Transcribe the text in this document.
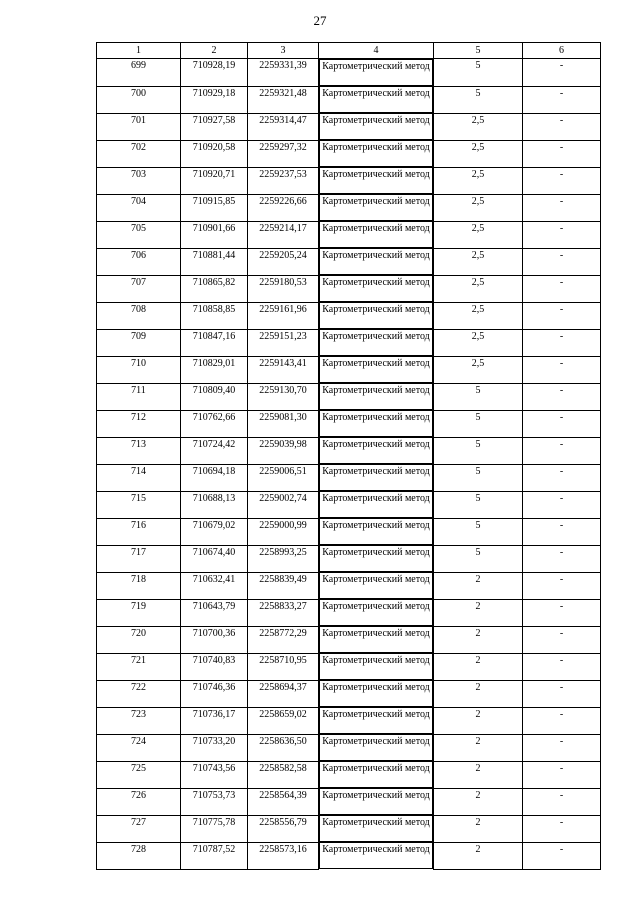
27
1	2	3	4	5	6
699	710928,19	2259331,39		Картометрический метод	5	-
700	710929,18	2259321,48		Картометрический метод	5	-
701	710927,58	2259314,47		Картометрический метод	2,5	-
702	710920,58	2259297,32		Картометрический метод	2,5	-
703	710920,71	2259237,53		Картометрический метод	2,5	-
704	710915,85	2259226,66		Картометрический метод	2,5	-
705	710901,66	2259214,17		Картометрический метод	2,5	-
706	710881,44	2259205,24		Картометрический метод	2,5	-
707	710865,82	2259180,53		Картометрический метод	2,5	-
708	710858,85	2259161,96		Картометрический метод	2,5	-
709	710847,16	2259151,23		Картометрический метод	2,5	-
710	710829,01	2259143,41		Картометрический метод	2,5	-
711	710809,40	2259130,70		Картометрический метод	5	-
712	710762,66	2259081,30		Картометрический метод	5	-
713	710724,42	2259039,98		Картометрический метод	5	-
714	710694,18	2259006,51		Картометрический метод	5	-
715	710688,13	2259002,74		Картометрический метод	5	-
716	710679,02	2259000,99		Картометрический метод	5	-
717	710674,40	2258993,25		Картометрический метод	5	-
718	710632,41	2258839,49		Картометрический метод	2	-
719	710643,79	2258833,27		Картометрический метод	2	-
720	710700,36	2258772,29		Картометрический метод	2	-
721	710740,83	2258710,95		Картометрический метод	2	-
722	710746,36	2258694,37		Картометрический метод	2	-
723	710736,17	2258659,02		Картометрический метод	2	-
724	710733,20	2258636,50		Картометрический метод	2	-
725	710743,56	2258582,58		Картометрический метод	2	-
726	710753,73	2258564,39		Картометрический метод	2	-
727	710775,78	2258556,79		Картометрический метод	2	-
728	710787,52	2258573,16		Картометрический метод	2	-
